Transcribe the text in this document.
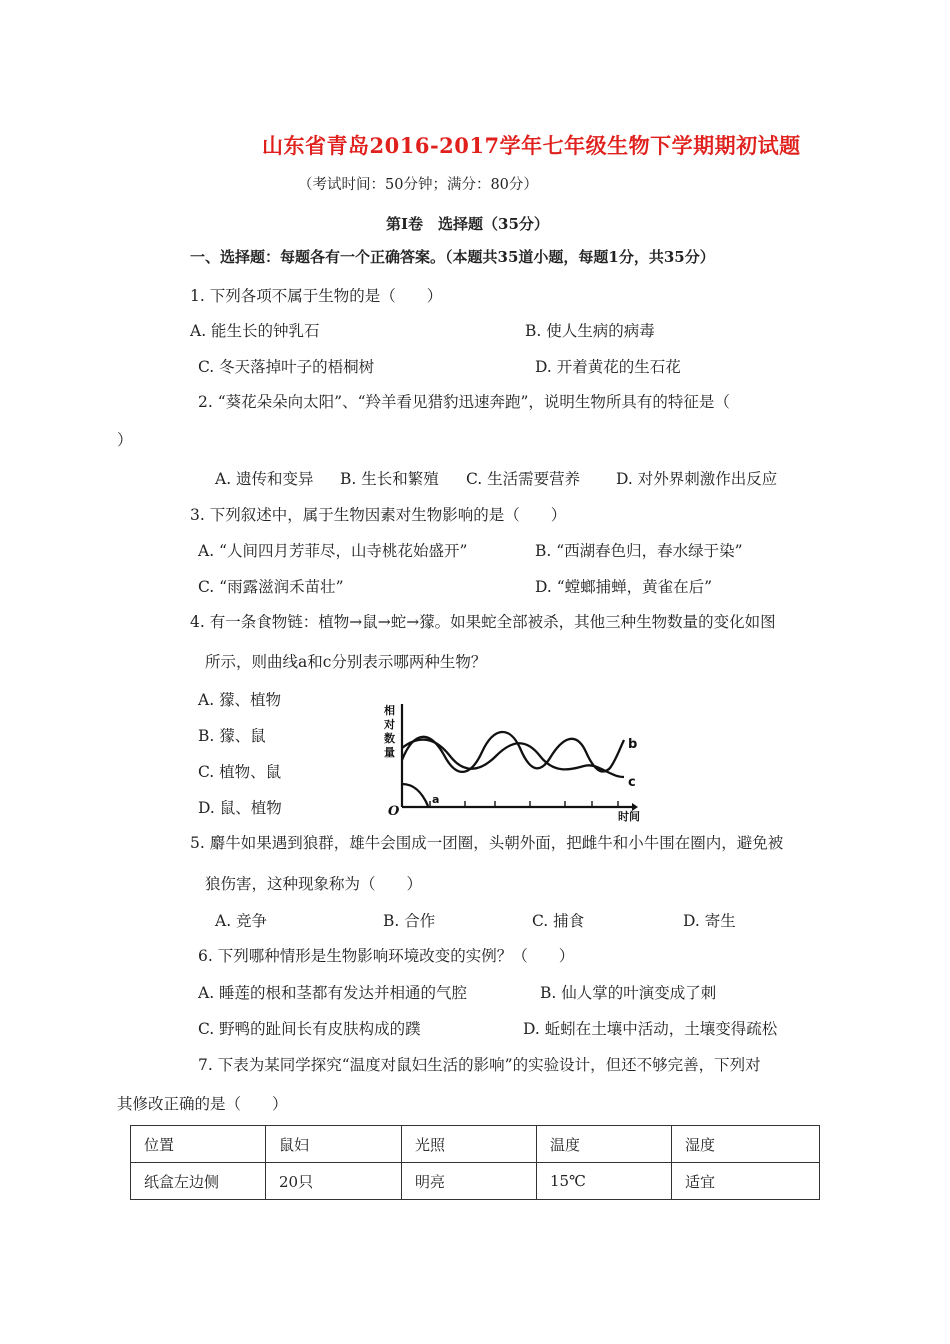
山东省青岛2016-2017学年七年级生物下学期期初试题
（考试时间：50分钟；满分：80分）
第Ⅰ卷　选择题（35分）
一、选择题：每题各有一个正确答案。（本题共35道小题，每题1分，共35分）
1. 下列各项不属于生物的是（　　）
A. 能生长的钟乳石	B. 使人生病的病毒
C. 冬天落掉叶子的梧桐树	D. 开着黄花的生石花
2. “葵花朵朵向太阳”、“羚羊看见猎豹迅速奔跑”，说明生物所具有的特征是（
）
A. 遗传和变异 B. 生长和繁殖 C. 生活需要营养 D. 对外界刺激作出反应
3. 下列叙述中，属于生物因素对生物影响的是（　　）
A. “人间四月芳菲尽，山寺桃花始盛开”	B. “西湖春色归，春水绿于染”
C. “雨露滋润禾苗壮”	D. “螳螂捕蝉，黄雀在后”
4. 有一条食物链：植物→鼠→蛇→獴。如果蛇全部被杀，其他三种生物数量的变化如图
所示，则曲线a和c分别表示哪两种生物？
A. 獴、植物
B. 獴、鼠
C. 植物、鼠
D. 鼠、植物
相
对
数
量
O	时间
b
c
a
5. 麝牛如果遇到狼群，雄牛会围成一团圈，头朝外面，把雌牛和小牛围在圈内，避免被
狼伤害，这种现象称为（　　）
A. 竞争	B. 合作	C. 捕食	D. 寄生
6. 下列哪种情形是生物影响环境改变的实例？（　　）
A. 睡莲的根和茎都有发达并相通的气腔	B. 仙人掌的叶演变成了刺
C. 野鸭的趾间长有皮肤构成的蹼	D. 蚯蚓在土壤中活动，土壤变得疏松
7. 下表为某同学探究“温度对鼠妇生活的影响”的实验设计，但还不够完善，下列对
其修改正确的是（　　）
位置	鼠妇	光照	温度	湿度
纸盒左边侧	20只	明亮	15℃	适宜
